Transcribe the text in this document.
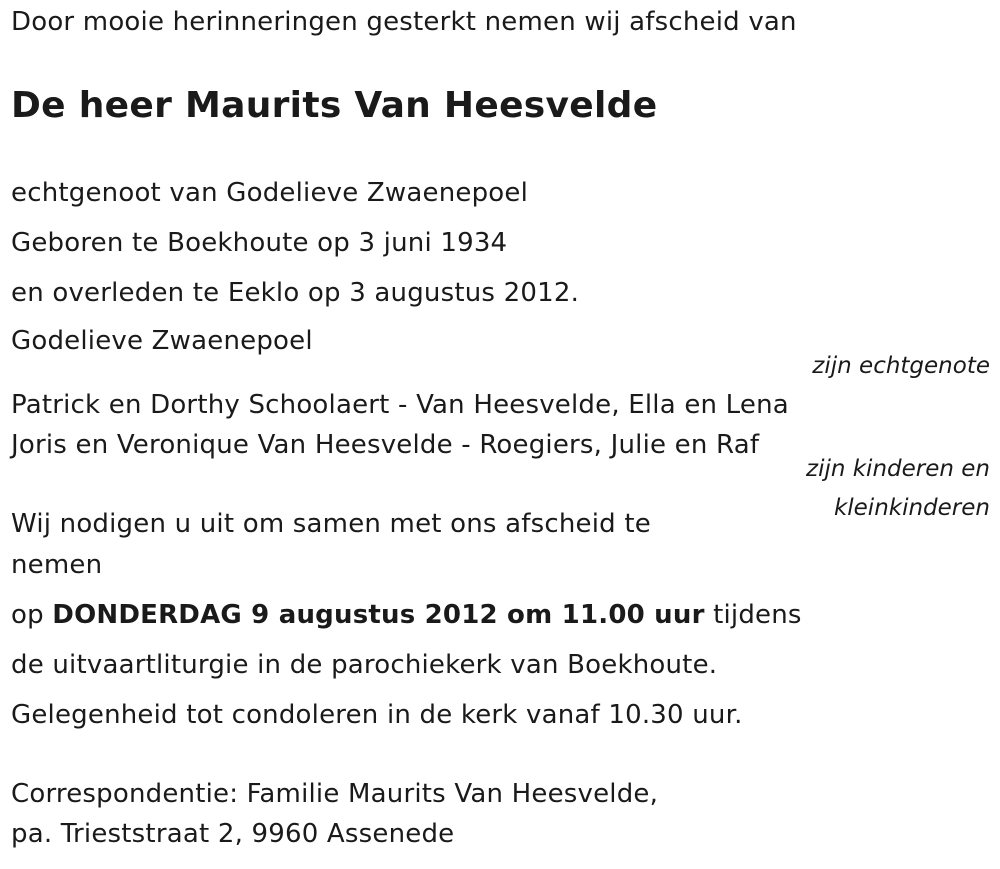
Door mooie herinneringen gesterkt nemen wij afscheid van
De heer Maurits Van Heesvelde
echtgenoot van Godelieve Zwaenepoel
Geboren te Boekhoute op 3 juni 1934
en overleden te Eeklo op 3 augustus 2012.
Godelieve Zwaenepoel
zijn echtgenote
Patrick en Dorthy Schoolaert - Van Heesvelde, Ella en Lena
Joris en Veronique Van Heesvelde - Roegiers, Julie en Raf
zijn kinderen en
kleinkinderen
Wij nodigen u uit om samen met ons afscheid te
nemen
op DONDERDAG 9 augustus 2012 om 11.00 uur tijdens
de uitvaartliturgie in de parochiekerk van Boekhoute.
Gelegenheid tot condoleren in de kerk vanaf 10.30 uur.
Correspondentie: Familie Maurits Van Heesvelde,
pa. Trieststraat 2, 9960 Assenede
